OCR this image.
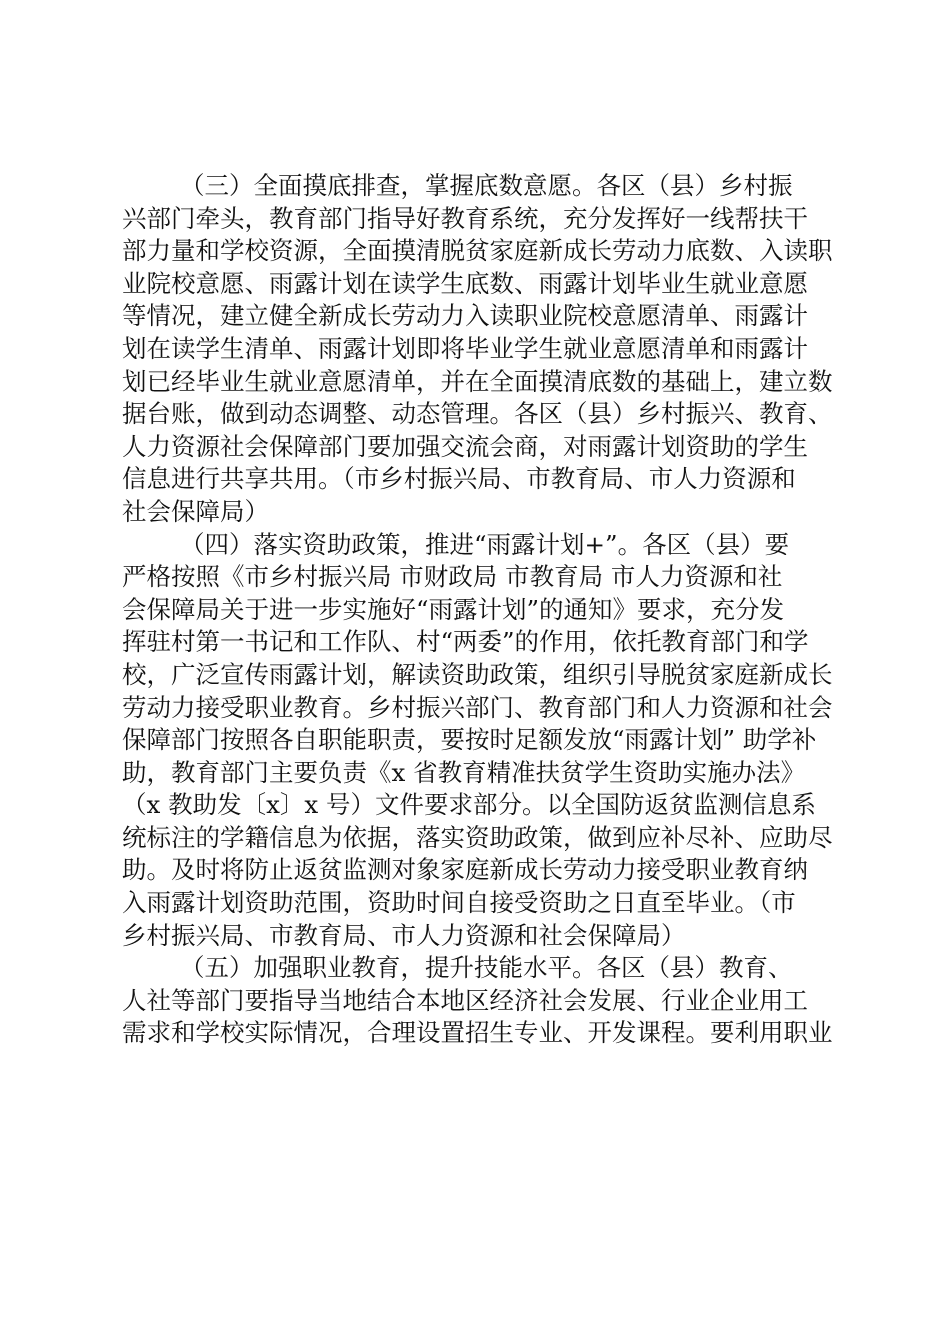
（三）全面摸底排查，掌握底数意愿。各区（县）乡村振
兴部门牵头，教育部门指导好教育系统，充分发挥好一线帮扶干
部力量和学校资源，全面摸清脱贫家庭新成长劳动力底数、入读职
业院校意愿、雨露计划在读学生底数、雨露计划毕业生就业意愿
等情况，建立健全新成长劳动力入读职业院校意愿清单、雨露计
划在读学生清单、雨露计划即将毕业学生就业意愿清单和雨露计
划已经毕业生就业意愿清单，并在全面摸清底数的基础上，建立数
据台账，做到动态调整、动态管理。各区（县）乡村振兴、教育、
人力资源社会保障部门要加强交流会商，对雨露计划资助的学生
信息进行共享共用。（市乡村振兴局、市教育局、市人力资源和
社会保障局）
（四）落实资助政策，推进“雨露计划+”。各区（县）要
严格按照《市乡村振兴局 市财政局 市教育局 市人力资源和社
会保障局关于进一步实施好“雨露计划”的通知》要求，充分发
挥驻村第一书记和工作队、村“两委”的作用，依托教育部门和学
校，广泛宣传雨露计划，解读资助政策，组织引导脱贫家庭新成长
劳动力接受职业教育。乡村振兴部门、教育部门和人力资源和社会
保障部门按照各自职能职责，要按时足额发放“雨露计划” 助学补
助，教育部门主要负责《x 省教育精准扶贫学生资助实施办法》
（x 教助发〔x〕x 号）文件要求部分。以全国防返贫监测信息系
统标注的学籍信息为依据，落实资助政策，做到应补尽补、应助尽
助。及时将防止返贫监测对象家庭新成长劳动力接受职业教育纳
入雨露计划资助范围，资助时间自接受资助之日直至毕业。（市
乡村振兴局、市教育局、市人力资源和社会保障局）
（五）加强职业教育，提升技能水平。各区（县）教育、
人社等部门要指导当地结合本地区经济社会发展、行业企业用工
需求和学校实际情况，合理设置招生专业、开发课程。要利用职业
